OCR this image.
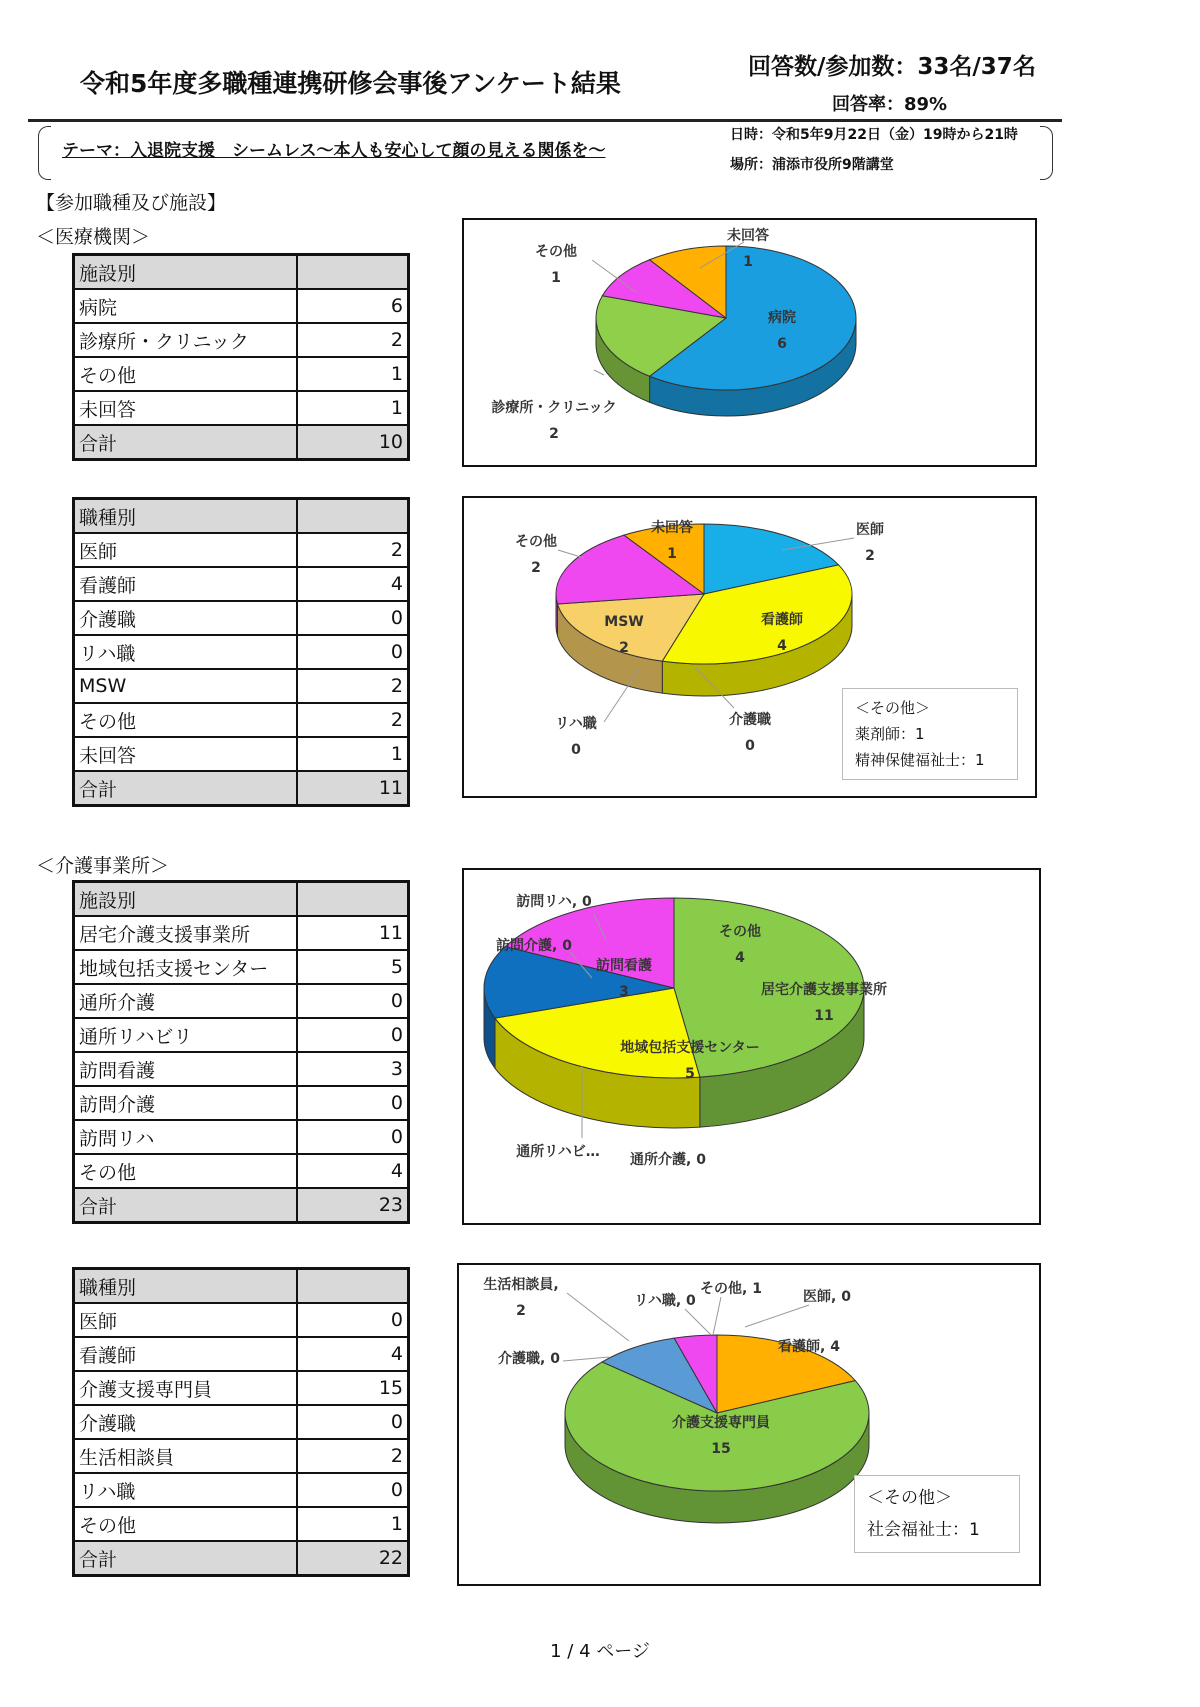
令和5年度多職種連携研修会事後アンケート結果
回答数/参加数：33名/37名
回答率：89%
テーマ：入退院支援　シームレス～本人も安心して顔の見える関係を～
日時：令和5年9月22日（金）19時から21時
場所：浦添市役所9階講堂
【参加職種及び施設】
＜医療機関＞
施設別	
病院	6
診療所・クリニック	2
その他	1
未回答	1
合計	10
職種別	
医師	2
看護師	4
介護職	0
リハ職	0
MSW	2
その他	2
未回答	1
合計	11
＜介護事業所＞
施設別	
居宅介護支援事業所	11
地域包括支援センター	5
通所介護	0
通所リハビリ	0
訪問看護	3
訪問介護	0
訪問リハ	0
その他	4
合計	23
職種別	
医師	0
看護師	4
介護支援専門員	15
介護職	0
生活相談員	2
リハ職	0
その他	1
合計	22
病院
6
診療所・クリニック
2
その他
1
未回答
1
医師
2
看護師
4
介護職
0
リハ職
0
MSW
2
その他
2
未回答
1
＜その他＞
薬剤師：1
精神保健福祉士：1
居宅介護支援事業所
11
地域包括支援センター
5
通所介護, 0
通所リハビ…
訪問看護
3
訪問介護, 0
訪問リハ, 0
その他
4
医師, 0
看護師, 4
介護支援専門員
15
介護職, 0
生活相談員,
2
リハ職, 0
その他, 1
＜その他＞
社会福祉士：1
1 / 4 ページ
